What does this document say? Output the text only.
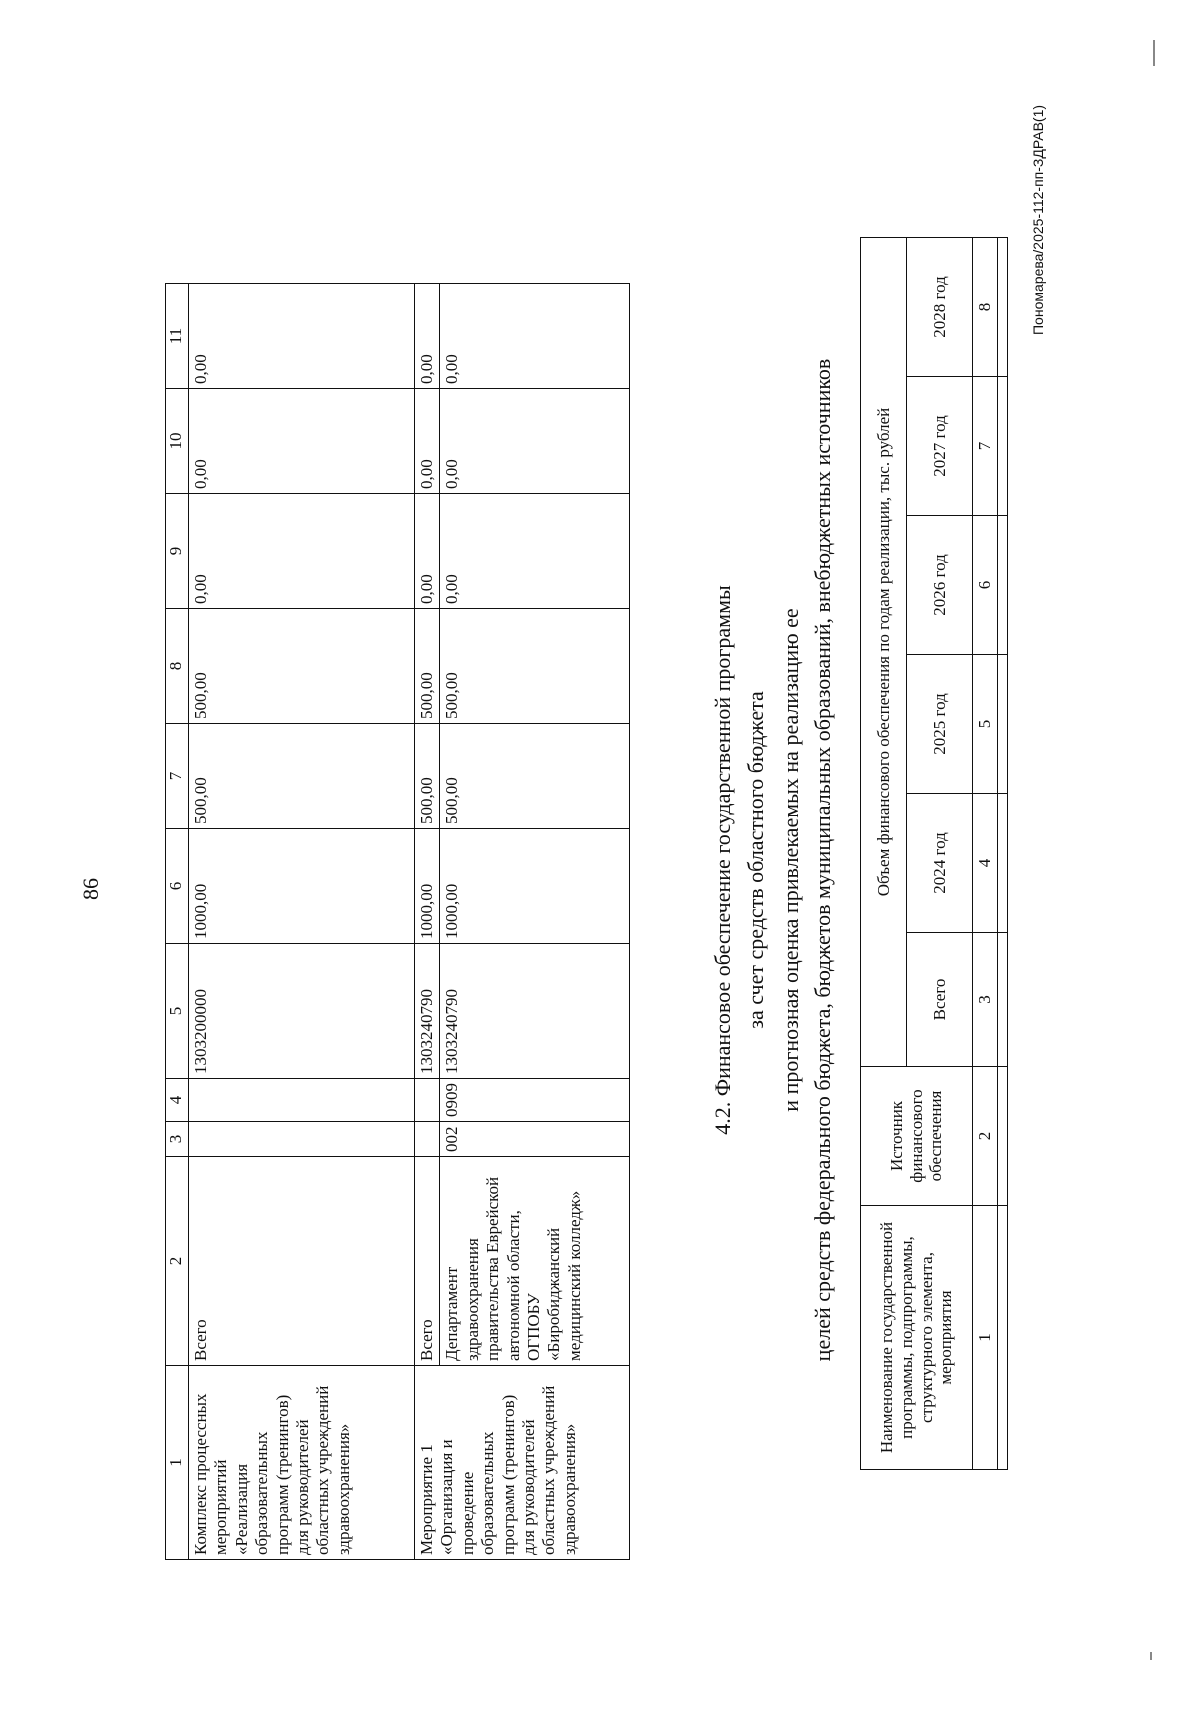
86
1	2	3	4	5	6	7	8	9	10	11
Комплекс процессных мероприятий «Реализация образовательных программ (тренингов) для руководителей областных учреждений здравоохранения»	Всего			1303200000	1000,00	500,00	500,00	0,00	0,00	0,00
Мероприятие 1 «Организация и проведение образовательных программ (тренингов) для руководителей областных учреждений здравоохранения»	Всего			1303240790	1000,00	500,00	500,00	0,00	0,00	0,00
	Департамент здравоохранения правительства Еврейской автономной области, ОГПОБУ «Биробиджанский медицинский колледж»	002	0909	1303240790	1000,00	500,00	500,00	0,00	0,00	0,00
4.2. Финансовое обеспечение государственной программы за счет средств областного бюджета и прогнозная оценка привлекаемых на реализацию ее целей средств федерального бюджета, бюджетов муниципальных образований, внебюджетных источников Наименование государственной программы, подпрограммы, структурного элемента, мероприятия	Источник финансового обеспечения	Объем финансового обеспечения по годам реализации, тыс. рублей					
		Всего	2024 год	2025 год	2026 год	2027 год	2028 год
1	2	3	4	5	6	7	8
								Пономарева/2025-112-пп-ЗДРАВ(1)
